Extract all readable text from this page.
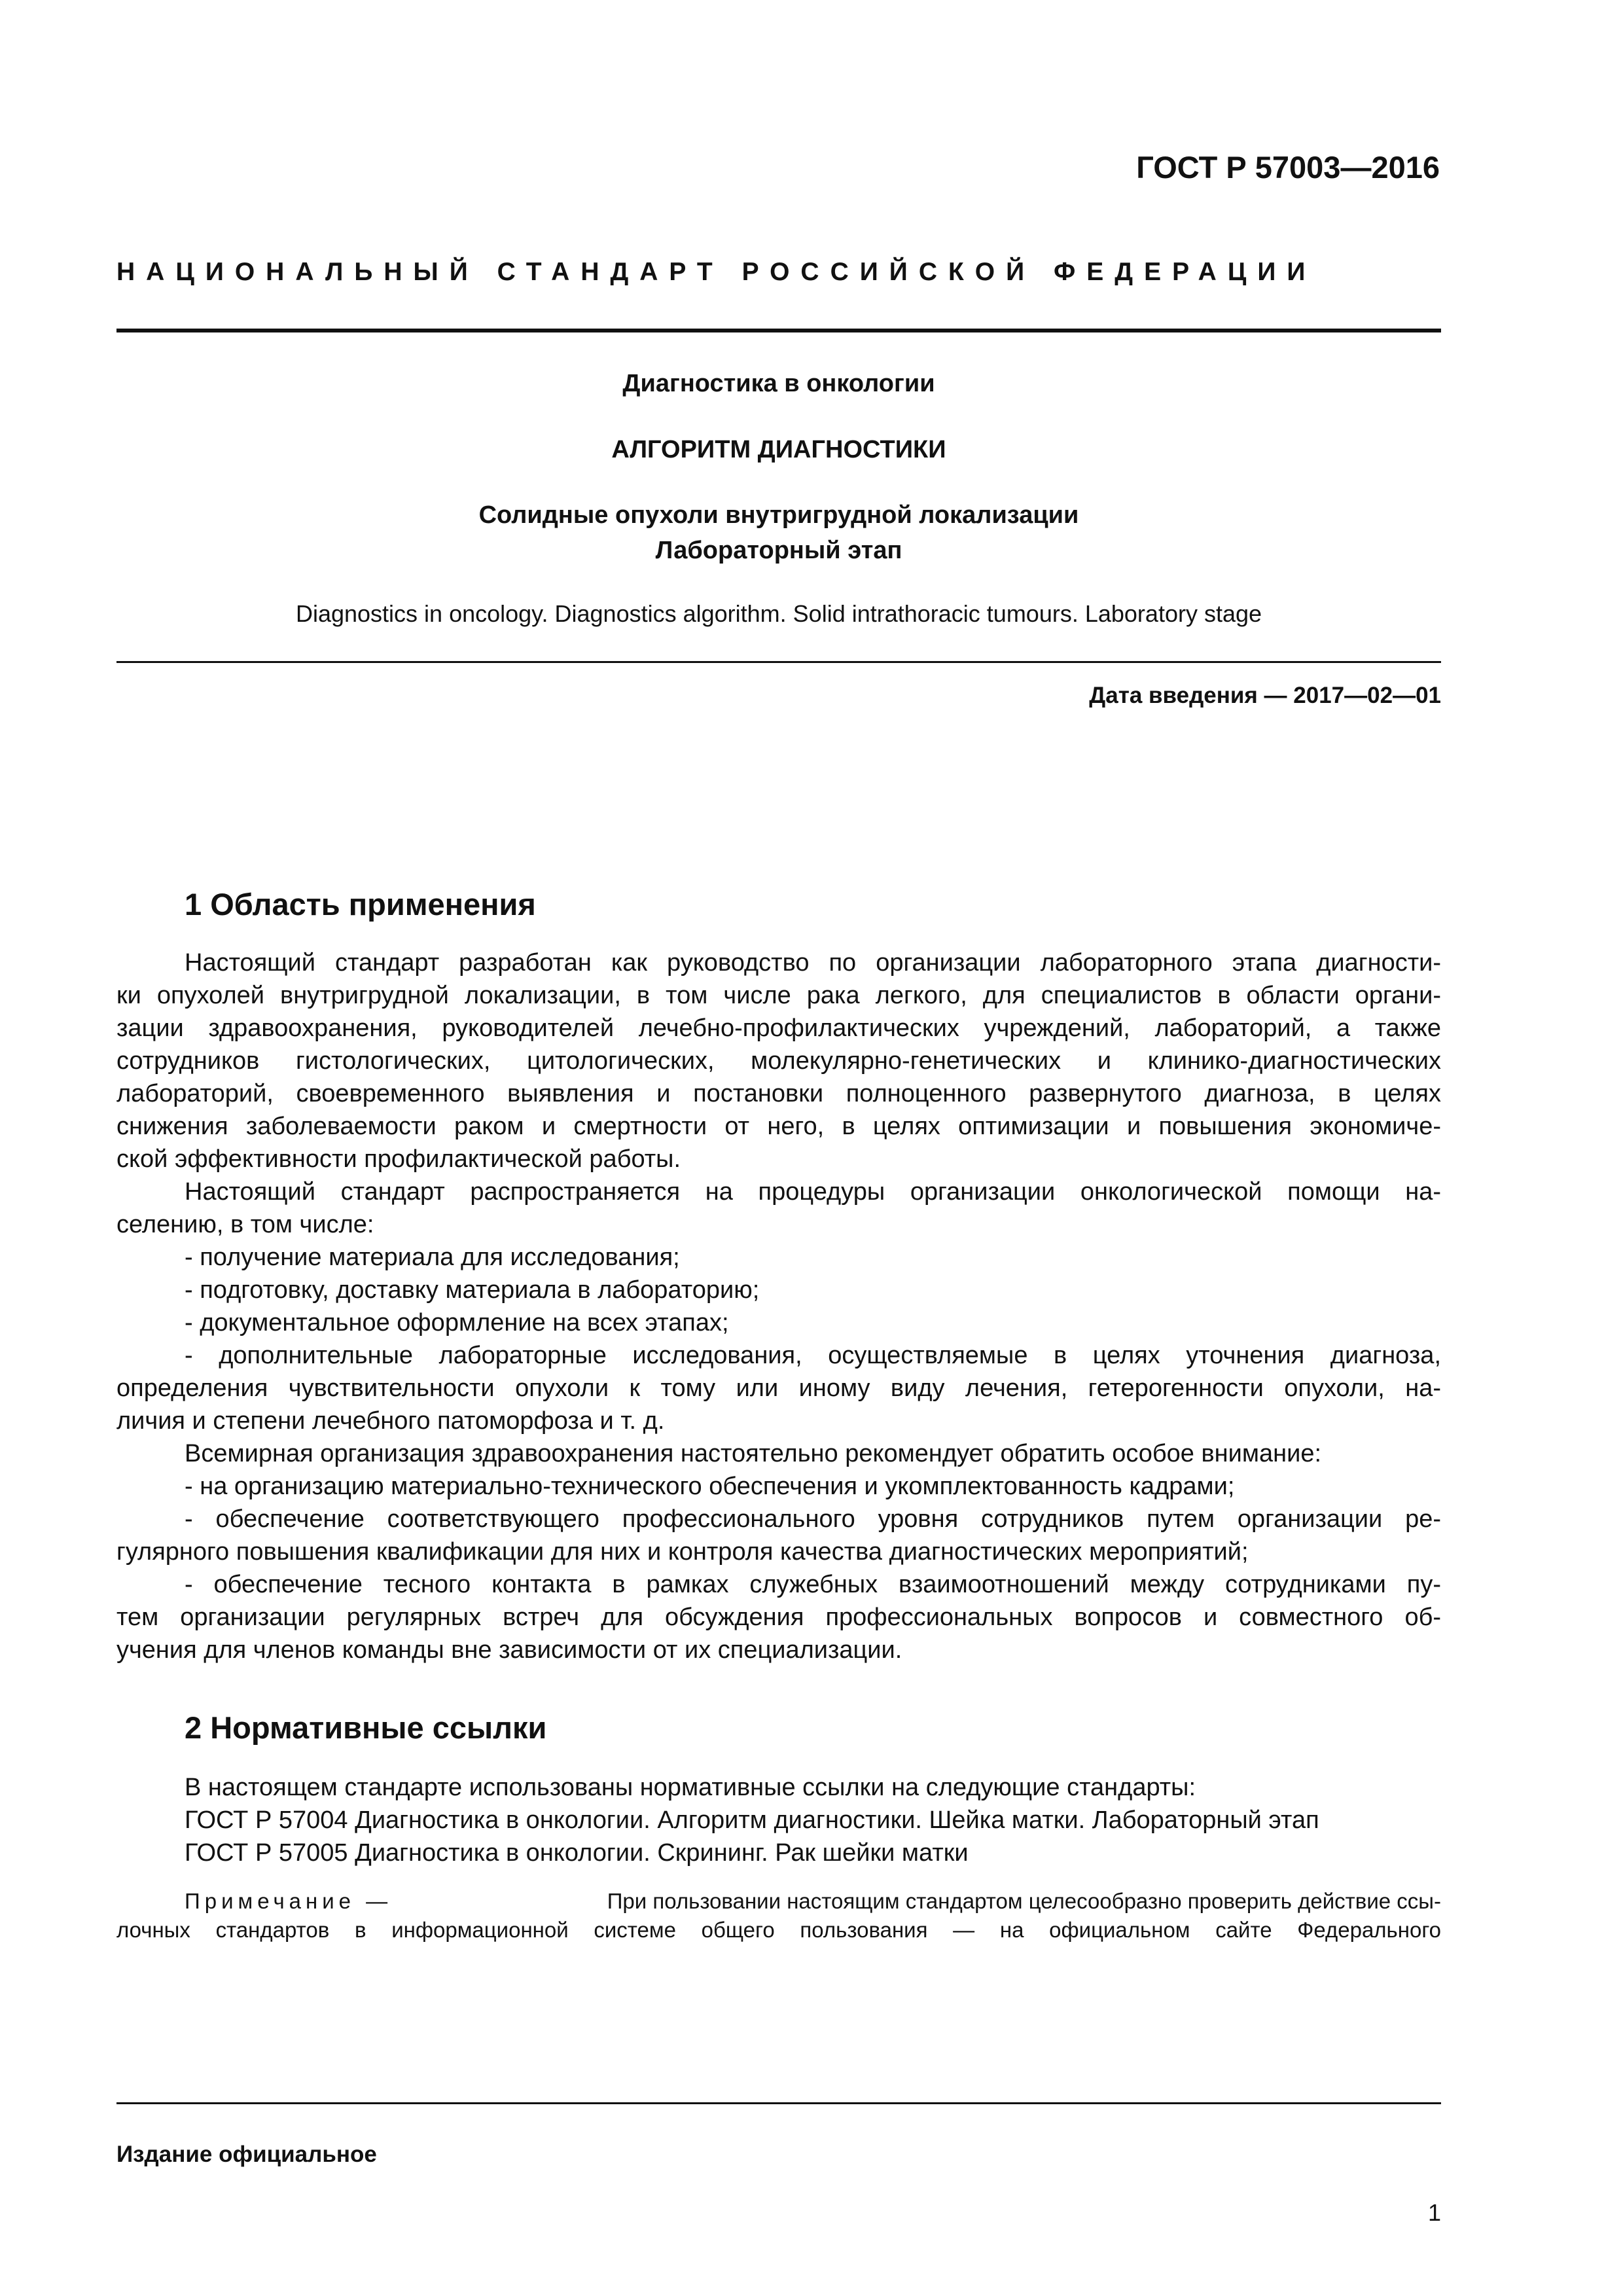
ГОСТ Р 57003—2016
НАЦИОНАЛЬНЫЙ СТАНДАРТ РОССИЙСКОЙ ФЕДЕРАЦИИ
Диагностика в онкологии
АЛГОРИТМ ДИАГНОСТИКИ
Солидные опухоли внутригрудной локализации
Лабораторный этап
Diagnostics in oncology. Diagnostics algorithm. Solid intrathoracic tumours. Laboratory stage
Дата введения — 2017—02—01
1 Область применения
Настоящий стандарт разработан как руководство по организации лабораторного этапа диагности-
ки опухолей внутригрудной локализации, в том числе рака легкого, для специалистов в области органи-
зации здравоохранения, руководителей лечебно-профилактических учреждений, лабораторий, а также
сотрудников гистологических, цитологических, молекулярно-генетических и клинико-диагностических
лабораторий, своевременного выявления и постановки полноценного развернутого диагноза, в целях
снижения заболеваемости раком и смертности от него, в целях оптимизации и повышения экономиче-
ской эффективности профилактической работы.
Настоящий стандарт распространяется на процедуры организации онкологической помощи на-
селению, в том числе:
- получение материала для исследования;
- подготовку, доставку материала в лабораторию;
- документальное оформление на всех этапах;
- дополнительные лабораторные исследования, осуществляемые в целях уточнения диагноза,
определения чувствительности опухоли к тому или иному виду лечения, гетерогенности опухоли, на-
личия и степени лечебного патоморфоза и т. д.
Всемирная организация здравоохранения настоятельно рекомендует обратить особое внимание:
- на организацию материально-технического обеспечения и укомплектованность кадрами;
- обеспечение соответствующего профессионального уровня сотрудников путем организации ре-
гулярного повышения квалификации для них и контроля качества диагностических мероприятий;
- обеспечение тесного контакта в рамках служебных взаимоотношений между сотрудниками пу-
тем организации регулярных встреч для обсуждения профессиональных вопросов и совместного об-
учения для членов команды вне зависимости от их специализации.
2 Нормативные ссылки
В настоящем стандарте использованы нормативные ссылки на следующие стандарты:
ГОСТ Р 57004 Диагностика в онкологии. Алгоритм диагностики. Шейка матки. Лабораторный этап
ГОСТ Р 57005 Диагностика в онкологии. Скрининг. Рак шейки матки
Примечание —	При пользовании настоящим стандартом целесообразно проверить действие ссы-
лочных стандартов в информационной системе общего пользования — на официальном сайте Федерального
Издание официальное
1
